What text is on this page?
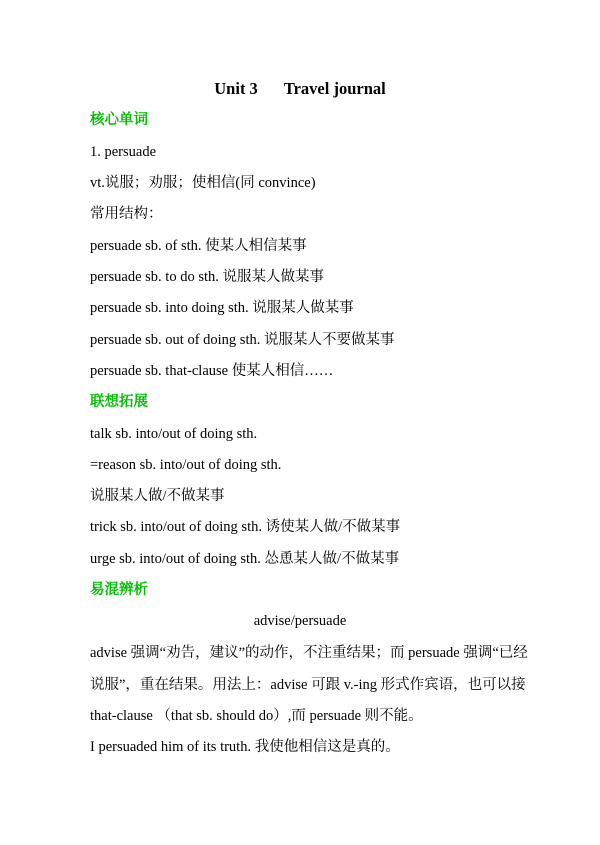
Unit 3 Travel journal
核心单词
1. persuade
vt.说服；劝服；使相信(同 convince)
常用结构：
persuade sb. of sth. 使某人相信某事
persuade sb. to do sth. 说服某人做某事
persuade sb. into doing sth. 说服某人做某事
persuade sb. out of doing sth. 说服某人不要做某事
persuade sb. that-clause 使某人相信……
联想拓展
talk sb. into/out of doing sth.
=reason sb. into/out of doing sth.
说服某人做/不做某事
trick sb. into/out of doing sth. 诱使某人做/不做某事
urge sb. into/out of doing sth. 怂恿某人做/不做某事
易混辨析
advise/persuade
advise 强调“劝告，建议”的动作，不注重结果；而 persuade 强调“已经
说服”，重在结果。用法上：advise 可跟 v.-ing 形式作宾语，也可以接
that-clause （that sb. should do）,而 persuade 则不能。
I persuaded him of its truth. 我使他相信这是真的。
